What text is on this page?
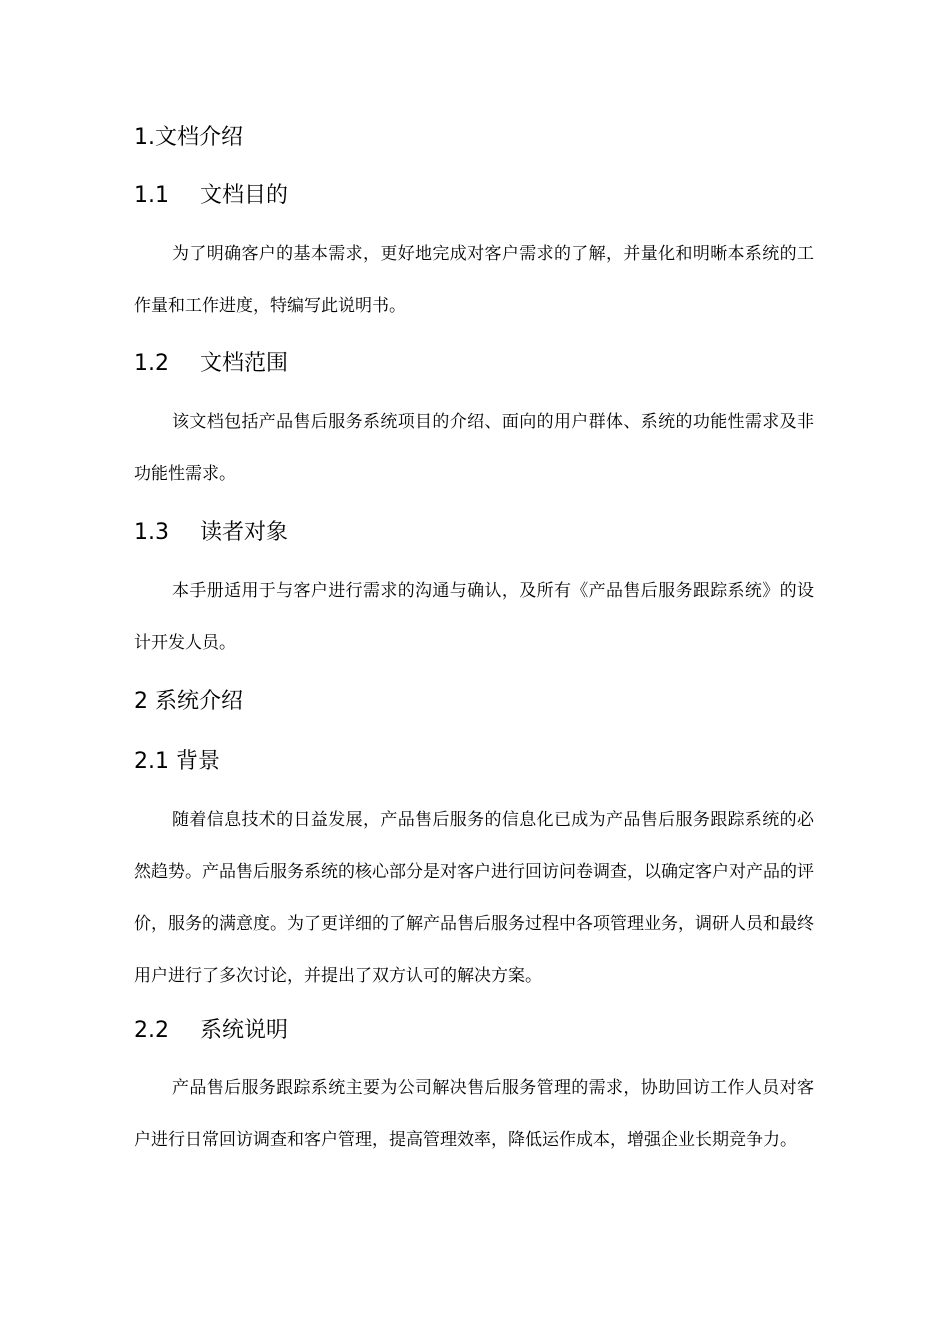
1.文档介绍
1.1 文档目的
为了明确客户的基本需求，更好地完成对客户需求的了解，并量化和明晰本系统的工作量和工作进度，特编写此说明书。
1.2 文档范围
该文档包括产品售后服务系统项目的介绍、面向的用户群体、系统的功能性需求及非功能性需求。
1.3 读者对象
本手册适用于与客户进行需求的沟通与确认，及所有《产品售后服务跟踪系统》的设计开发人员。
2 系统介绍
2.1 背景
随着信息技术的日益发展，产品售后服务的信息化已成为产品售后服务跟踪系统的必然趋势。产品售后服务系统的核心部分是对客户进行回访问卷调查，以确定客户对产品的评价，服务的满意度。为了更详细的了解产品售后服务过程中各项管理业务，调研人员和最终用户进行了多次讨论，并提出了双方认可的解决方案。
2.2 系统说明
产品售后服务跟踪系统主要为公司解决售后服务管理的需求，协助回访工作人员对客户进行日常回访调查和客户管理，提高管理效率，降低运作成本，增强企业长期竞争力。
